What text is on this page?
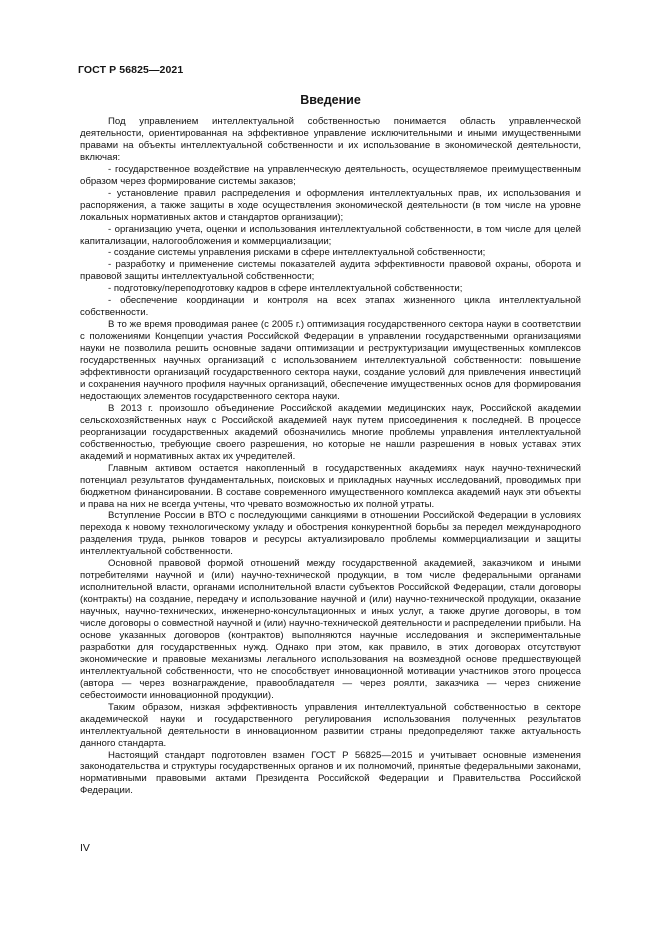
ГОСТ Р 56825—2021

Введение

Под управлением интеллектуальной собственностью понимается область управленческой деятельности, ориентированная на эффективное управление исключительными и иными имущественными правами на объекты интеллектуальной собственности и их использование в экономической деятельности, включая:

- государственное воздействие на управленческую деятельность, осуществляемое преимущественным образом через формирование системы заказов;

- установление правил распределения и оформления интеллектуальных прав, их использования и распоряжения, а также защиты в ходе осуществления экономической деятельности (в том числе на уровне локальных нормативных актов и стандартов организации);

- организацию учета, оценки и использования интеллектуальной собственности, в том числе для целей капитализации, налогообложения и коммерциализации;

- создание системы управления рисками в сфере интеллектуальной собственности;

- разработку и применение системы показателей аудита эффективности правовой охраны, оборота и правовой защиты интеллектуальной собственности;

- подготовку/переподготовку кадров в сфере интеллектуальной собственности;

- обеспечение координации и контроля на всех этапах жизненного цикла интеллектуальной собственности.

В то же время проводимая ранее (с 2005 г.) оптимизация государственного сектора науки в соответствии с положениями Концепции участия Российской Федерации в управлении государственными организациями науки не позволила решить основные задачи оптимизации и реструктуризации имущественных комплексов государственных научных организаций с использованием интеллектуальной собственности: повышение эффективности организаций государственного сектора науки, создание условий для привлечения инвестиций и сохранения научного профиля научных организаций, обеспечение имущественных основ для формирования недостающих элементов государственного сектора науки.

В 2013 г. произошло объединение Российской академии медицинских наук, Российской академии сельскохозяйственных наук с Российской академией наук путем присоединения к последней. В процессе реорганизации государственных академий обозначились многие проблемы управления интеллектуальной собственностью, требующие своего разрешения, но которые не нашли разрешения в новых уставах этих академий и нормативных актах их учредителей.

Главным активом остается накопленный в государственных академиях наук научно-технический потенциал результатов фундаментальных, поисковых и прикладных научных исследований, проводимых при бюджетном финансировании. В составе современного имущественного комплекса академий наук эти объекты и права на них не всегда учтены, что чревато возможностью их полной утраты.

Вступление России в ВТО с последующими санкциями в отношении Российской Федерации в условиях перехода к новому технологическому укладу и обострения конкурентной борьбы за передел международного разделения труда, рынков товаров и ресурсы актуализировало проблемы коммерциализации и защиты интеллектуальной собственности.

Основной правовой формой отношений между государственной академией, заказчиком и иными потребителями научной и (или) научно-технической продукции, в том числе федеральными органами исполнительной власти, органами исполнительной власти субъектов Российской Федерации, стали договоры (контракты) на создание, передачу и использование научной и (или) научно-технической продукции, оказание научных, научно-технических, инженерно-консультационных и иных услуг, а также другие договоры, в том числе договоры о совместной научной и (или) научно-технической деятельности и распределении прибыли. На основе указанных договоров (контрактов) выполняются научные исследования и экспериментальные разработки для государственных нужд. Однако при этом, как правило, в этих договорах отсутствуют экономические и правовые механизмы легального использования на возмездной основе предшествующей интеллектуальной собственности, что не способствует инновационной мотивации участников этого процесса (автора — через вознаграждение, правообладателя — через роялти, заказчика — через снижение себестоимости инновационной продукции).

Таким образом, низкая эффективность управления интеллектуальной собственностью в секторе академической науки и государственного регулирования использования полученных результатов интеллектуальной деятельности в инновационном развитии страны предопределяют также актуальность данного стандарта.

Настоящий стандарт подготовлен взамен ГОСТ Р 56825—2015 и учитывает основные изменения законодательства и структуры государственных органов и их полномочий, принятые федеральными законами, нормативными правовыми актами Президента Российской Федерации и Правительства Российской Федерации.

IV
